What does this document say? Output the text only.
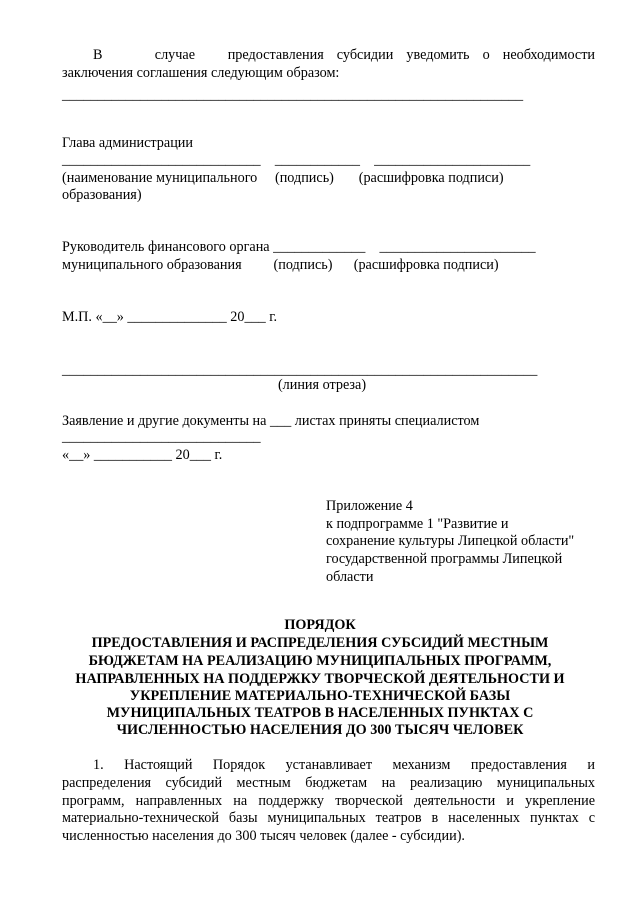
В        случае     предоставления  субсидии  уведомить  о  необходимости
заключения соглашения следующим образом:
_________________________________________________________________
Глава администрации
____________________________    ____________    ______________________
(наименование муниципального     (подпись)       (расшифровка подписи)
образования)
Руководитель финансового органа _____________    ______________________
муниципального образования         (подпись)      (расшифровка подписи)
М.П. «__» ______________ 20___ г.
___________________________________________________________________
(линия отреза)
Заявление и другие документы на ___ листах приняты специалистом
____________________________
«__» ___________ 20___ г.
Приложение 4
к подпрограмме 1 "Развитие и
сохранение культуры Липецкой области"
государственной программы Липецкой
области
ПОРЯДОК
ПРЕДОСТАВЛЕНИЯ И РАСПРЕДЕЛЕНИЯ СУБСИДИЙ МЕСТНЫМ
БЮДЖЕТАМ НА РЕАЛИЗАЦИЮ МУНИЦИПАЛЬНЫХ ПРОГРАММ,
НАПРАВЛЕННЫХ НА ПОДДЕРЖКУ ТВОРЧЕСКОЙ ДЕЯТЕЛЬНОСТИ И
УКРЕПЛЕНИЕ МАТЕРИАЛЬНО-ТЕХНИЧЕСКОЙ БАЗЫ
МУНИЦИПАЛЬНЫХ ТЕАТРОВ В НАСЕЛЕННЫХ ПУНКТАХ С
ЧИСЛЕННОСТЬЮ НАСЕЛЕНИЯ ДО 300 ТЫСЯЧ ЧЕЛОВЕК
1.  Настоящий  Порядок  устанавливает  механизм  предоставления  и
распределения  субсидий  местным  бюджетам  на  реализацию  муниципальных
программ,  направленных  на  поддержку  творческой  деятельности  и  укрепление
материально-технической  базы  муниципальных  театров  в  населенных  пунктах  с
численностью населения до 300 тысяч человек (далее - субсидии).
